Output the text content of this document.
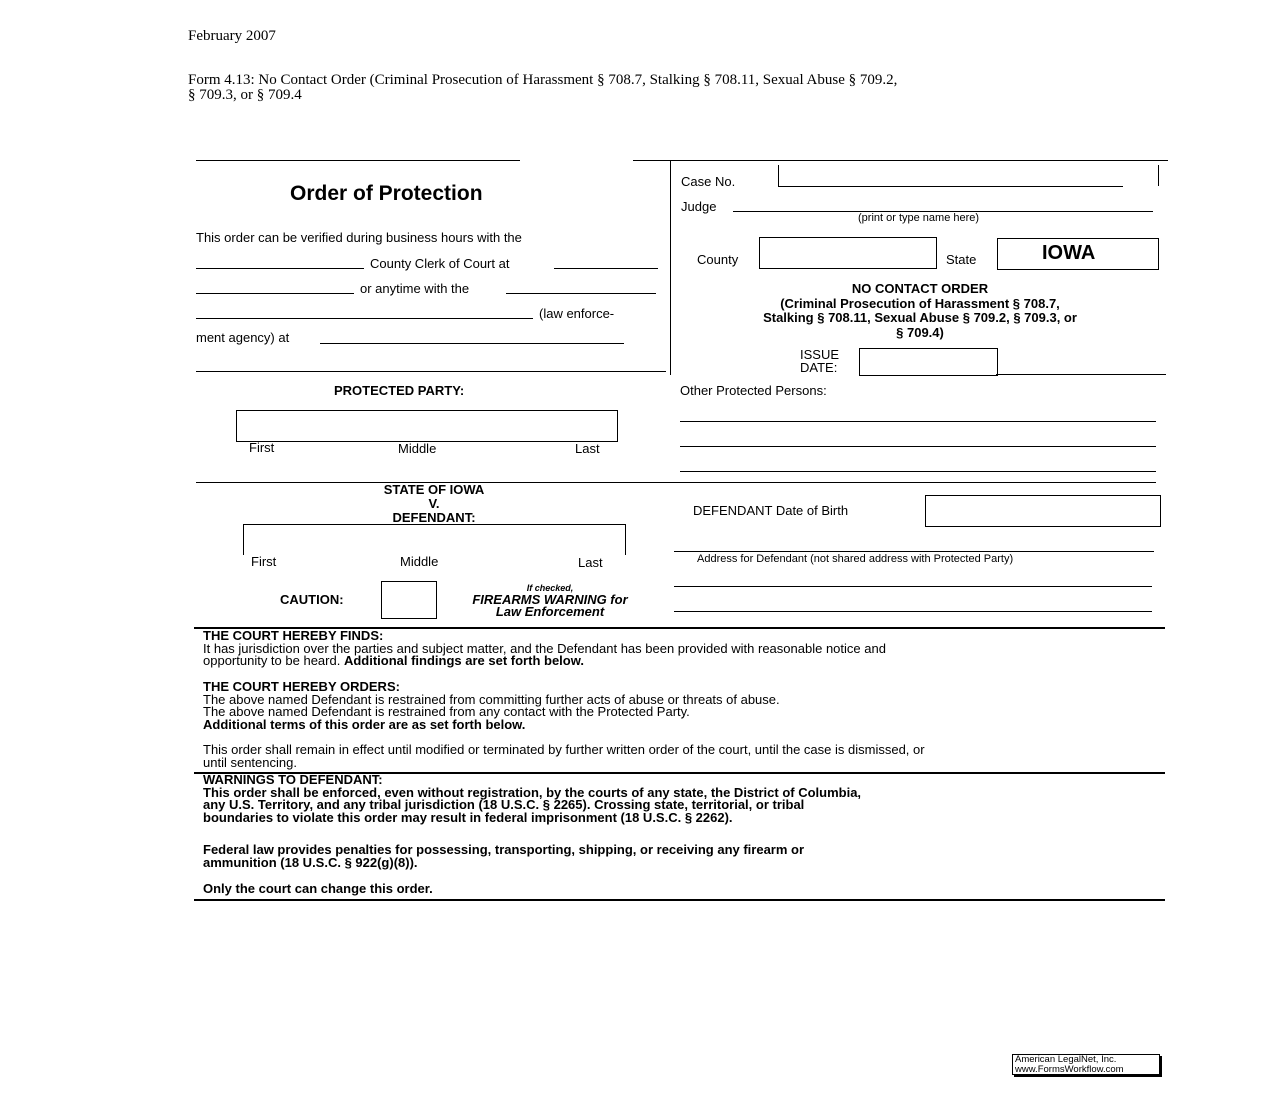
February 2007
Form 4.13: No Contact Order (Criminal Prosecution of Harassment § 708.7, Stalking § 708.11, Sexual Abuse § 709.2,
§ 709.3, or § 709.4
Order of Protection
This order can be verified during business hours with the
County Clerk of Court at
or anytime with the
(law enforce-
ment agency) at
Case No.
Judge
(print or type name here)
County	State	IOWA
NO CONTACT ORDER
(Criminal Prosecution of Harassment § 708.7,
Stalking § 708.11, Sexual Abuse § 709.2, § 709.3, or
§ 709.4)
ISSUE
DATE:
PROTECTED PARTY:
First	Middle	Last
Other Protected Persons:
STATE OF IOWA
V.
DEFENDANT:
First	Middle	Last
DEFENDANT Date of Birth
Address for Defendant (not shared address with Protected Party)
CAUTION:
If checked,
FIREARMS WARNING for
Law Enforcement

THE COURT HEREBY FINDS:

It has jurisdiction over the parties and subject matter, and the Defendant has been provided with reasonable notice and

opportunity to be heard. Additional findings are set forth below.

THE COURT HEREBY ORDERS:

The above named Defendant is restrained from committing further acts of abuse or threats of abuse.

The above named Defendant is restrained from any contact with the Protected Party.

Additional terms of this order are as set forth below.

This order shall remain in effect until modified or terminated by further written order of the court, until the case is dismissed, or

until sentencing.

WARNINGS TO DEFENDANT:

This order shall be enforced, even without registration, by the courts of any state, the District of Columbia,

any U.S. Territory, and any tribal jurisdiction (18 U.S.C. § 2265). Crossing state, territorial, or tribal

boundaries to violate this order may result in federal imprisonment (18 U.S.C. § 2262).

Federal law provides penalties for possessing, transporting, shipping, or receiving any firearm or

ammunition (18 U.S.C. § 922(g)(8)).

Only the court can change this order.
American LegalNet, Inc.
www.FormsWorkflow.com
